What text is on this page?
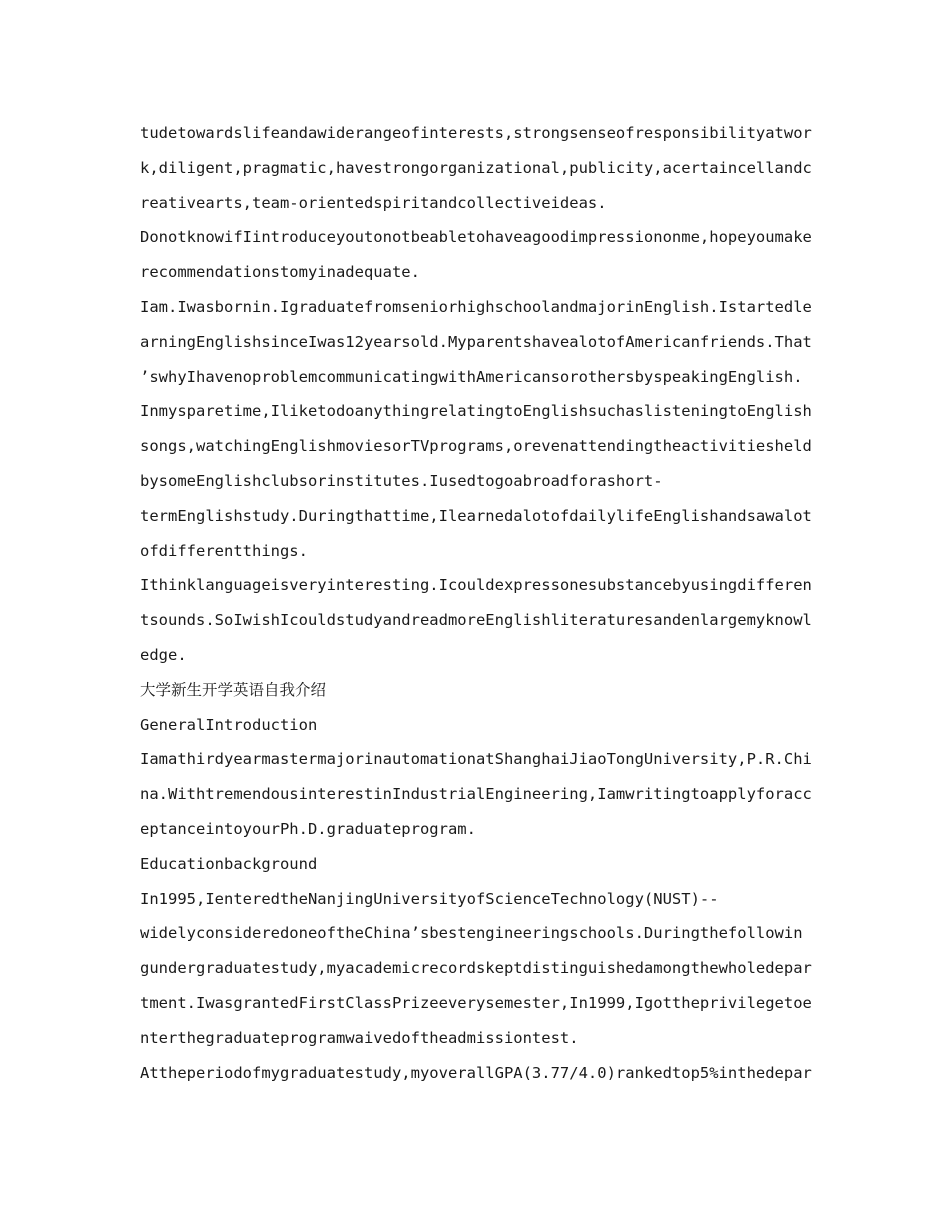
tudetowardslifeandawiderangeofinterests,strongsenseofresponsibilityatwor
k,diligent,pragmatic,havestrongorganizational,publicity,acertaincellandc
reativearts,team-orientedspiritandcollectiveideas.
DonotknowifIintroduceyoutonotbeabletohaveagoodimpressiononme,hopeyoumake
recommendationstomyinadequate.
Iam.Iwasbornin.IgraduatefromseniorhighschoolandmajorinEnglish.Istartedle
arningEnglishsinceIwas12yearsold.MyparentshavealotofAmericanfriends.That
’swhyIhavenoproblemcommunicatingwithAmericansorothersbyspeakingEnglish.
Inmysparetime,IliketodoanythingrelatingtoEnglishsuchaslisteningtoEnglish
songs,watchingEnglishmoviesorTVprograms,orevenattendingtheactivitiesheld
bysomeEnglishclubsorinstitutes.Iusedtogoabroadforashort-
termEnglishstudy.Duringthattime,IlearnedalotofdailylifeEnglishandsawalot
ofdifferentthings.
Ithinklanguageisveryinteresting.Icouldexpressonesubstancebyusingdifferen
tsounds.SoIwishIcouldstudyandreadmoreEnglishliteraturesandenlargemyknowl
edge.
大学新生开学英语自我介绍
GeneralIntroduction
IamathirdyearmastermajorinautomationatShanghaiJiaoTongUniversity,P.R.Chi
na.WithtremendousinterestinIndustrialEngineering,Iamwritingtoapplyforacc
eptanceintoyourPh.D.graduateprogram.
Educationbackground
In1995,IenteredtheNanjingUniversityofScienceTechnology(NUST)--
widelyconsideredoneoftheChina’sbestengineeringschools.Duringthefollowin
gundergraduatestudy,myacademicrecordskeptdistinguishedamongthewholedepar
tment.IwasgrantedFirstClassPrizeeverysemester,In1999,Igottheprivilegetoe
nterthegraduateprogramwaivedoftheadmissiontest.
Attheperiodofmygraduatestudy,myoverallGPA(3.77/4.0)rankedtop5%inthedepar
